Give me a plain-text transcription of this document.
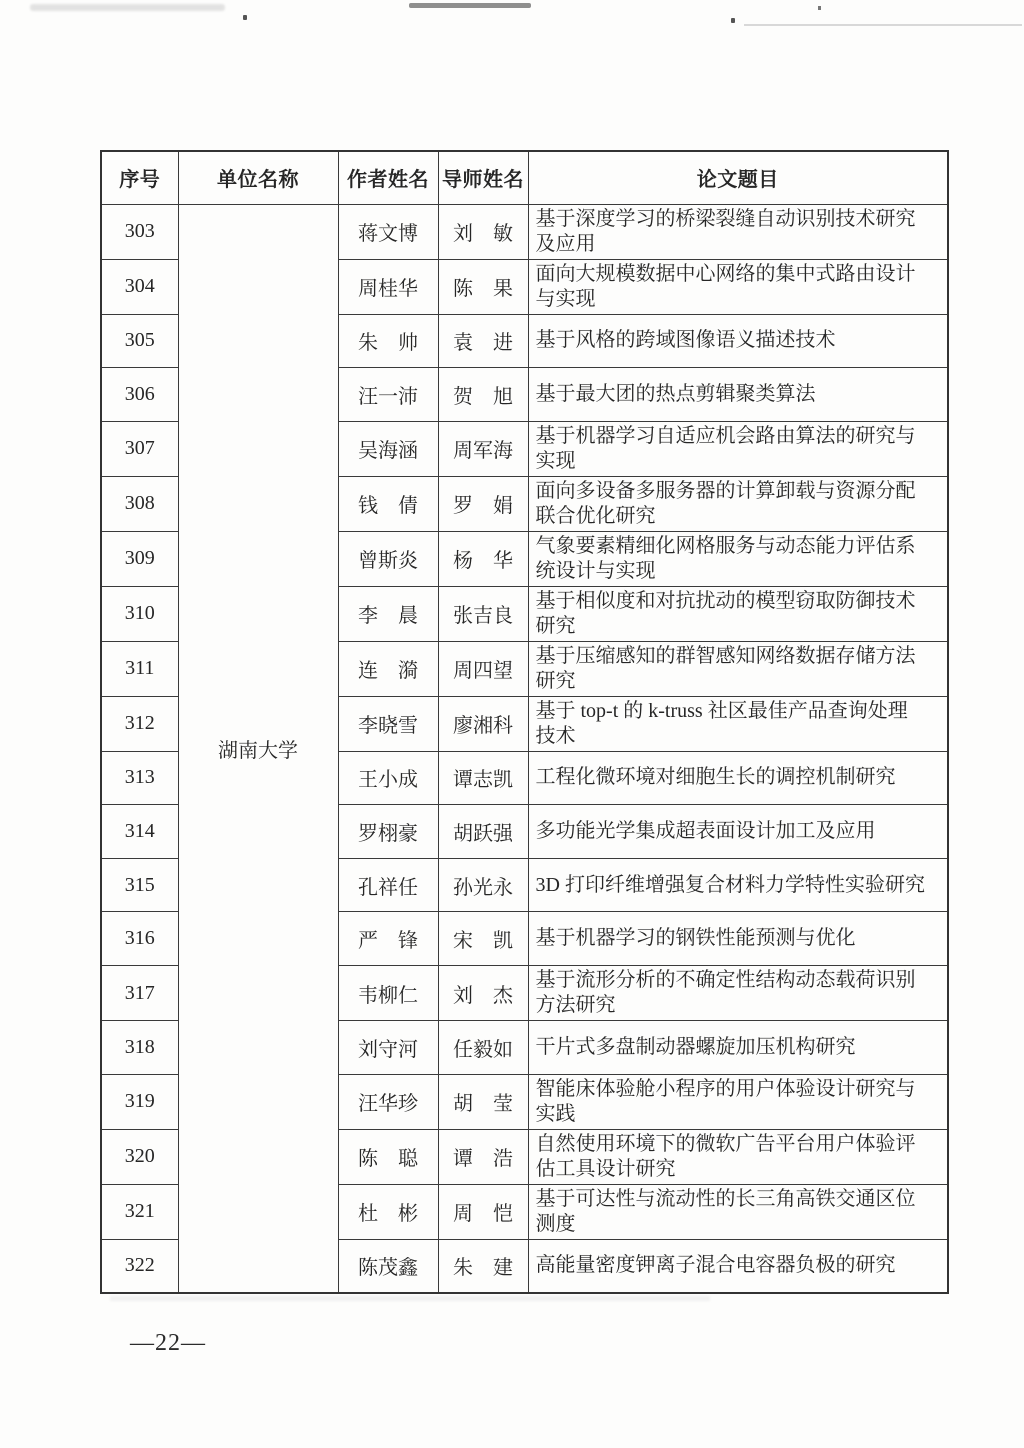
序号	单位名称	作者姓名	导师姓名	论文题目
303	湖南大学	蒋文博	刘　敏	基于深度学习的桥梁裂缝自动识别技术研究及应用
304		周桂华	陈　果	面向大规模数据中心网络的集中式路由设计与实现
305		朱　帅	袁　进	基于风格的跨域图像语义描述技术
306		汪一沛	贺　旭	基于最大团的热点剪辑聚类算法
307		吴海涵	周军海	基于机器学习自适应机会路由算法的研究与实现
308		钱　倩	罗　娟	面向多设备多服务器的计算卸载与资源分配联合优化研究
309		曾斯炎	杨　华	气象要素精细化网格服务与动态能力评估系统设计与实现
310		李　晨	张吉良	基于相似度和对抗扰动的模型窃取防御技术研究
311		连　漪	周四望	基于压缩感知的群智感知网络数据存储方法研究
312		李晓雪	廖湘科	基于 top-t 的 k-truss 社区最佳产品查询处理技术
313		王小成	谭志凯	工程化微环境对细胞生长的调控机制研究
314		罗栩豪	胡跃强	多功能光学集成超表面设计加工及应用
315		孔祥任	孙光永	3D 打印纤维增强复合材料力学特性实验研究
316		严　锋	宋　凯	基于机器学习的钢铁性能预测与优化
317		韦柳仁	刘　杰	基于流形分析的不确定性结构动态载荷识别方法研究
318		刘守河	任毅如	干片式多盘制动器螺旋加压机构研究
319		汪华珍	胡　莹	智能床体验舱小程序的用户体验设计研究与实践
320		陈　聪	谭　浩	自然使用环境下的微软广告平台用户体验评估工具设计研究
321		杜　彬	周　恺	基于可达性与流动性的长三角高铁交通区位测度
322		陈茂鑫	朱　建	高能量密度钾离子混合电容器负极的研究
—22—
